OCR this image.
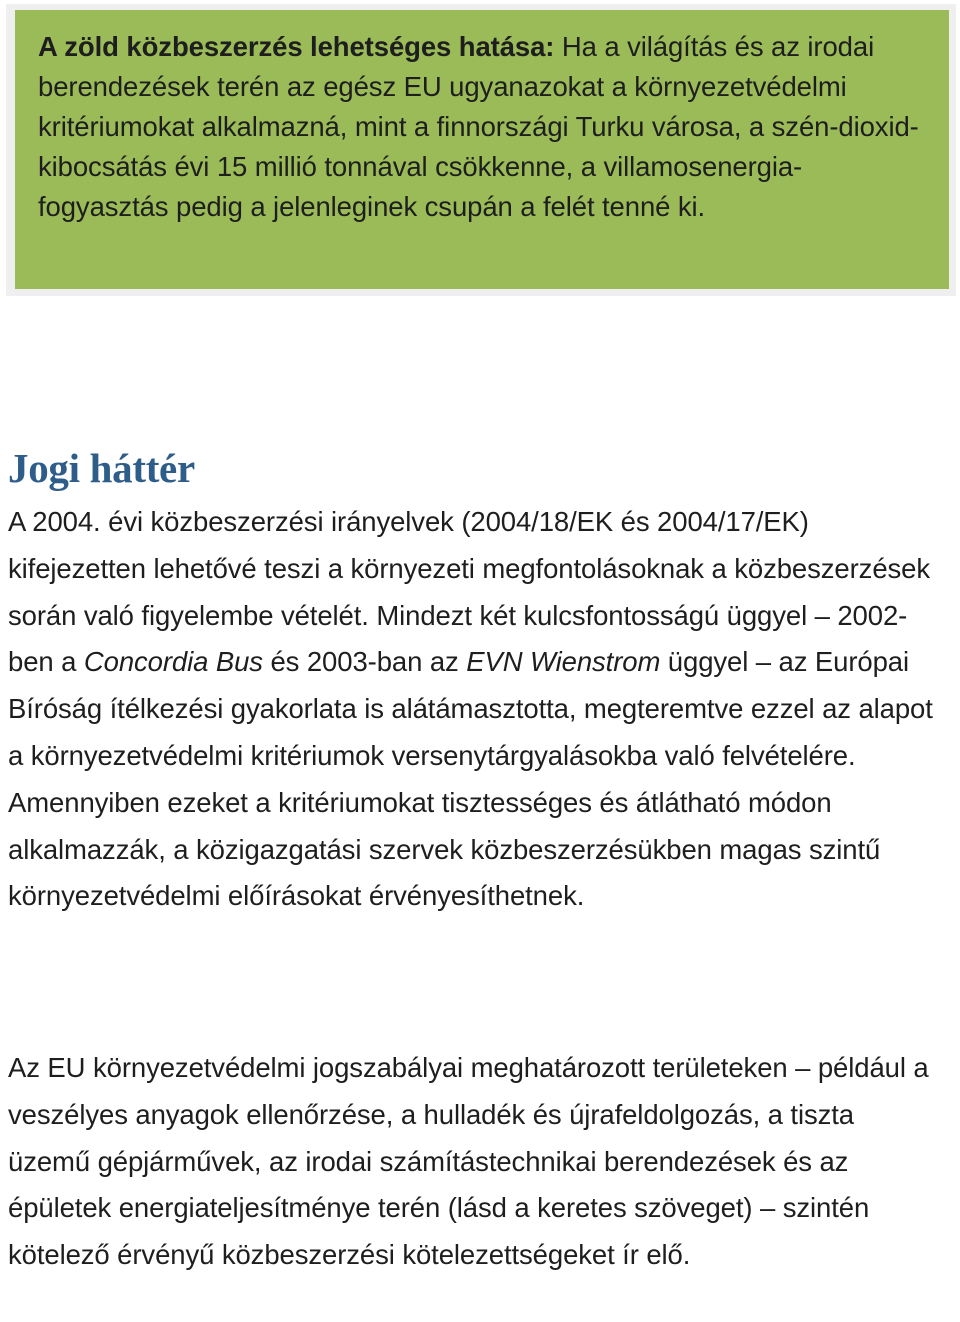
A zöld közbeszerzés lehetséges hatása: Ha a világítás és az irodai berendezések terén az egész EU ugyanazokat a környezetvédelmi kritériumokat alkalmazná, mint a finnországi Turku városa, a szén-dioxid-kibocsátás évi 15 millió tonnával csökkenne, a villamosenergia-fogyasztás pedig a jelenleginek csupán a felét tenné ki.
Jogi háttér

A 2004. évi közbeszerzési irányelvek (2004/18/EK és 2004/17/EK) kifejezetten lehetővé teszi a környezeti megfontolásoknak a közbeszerzések során való figyelembe vételét. Mindezt két kulcsfontosságú üggyel – 2002-ben a Concordia Bus és 2003-ban az EVN Wienstrom üggyel – az Európai Bíróság ítélkezési gyakorlata is alátámasztotta, megteremtve ezzel az alapot a környezetvédelmi kritériumok versenytárgyalásokba való felvételére. Amennyiben ezeket a kritériumokat tisztességes és átlátható módon alkalmazzák, a közigazgatási szervek közbeszerzésükben magas szintű környezetvédelmi előírásokat érvényesíthetnek.

Az EU környezetvédelmi jogszabályai meghatározott területeken – például a veszélyes anyagok ellenőrzése, a hulladék és újrafeldolgozás, a tiszta üzemű gépjárművek, az irodai számítástechnikai berendezések és az épületek energiateljesítménye terén (lásd a keretes szöveget) – szintén kötelező érvényű közbeszerzési kötelezettségeket ír elő.
